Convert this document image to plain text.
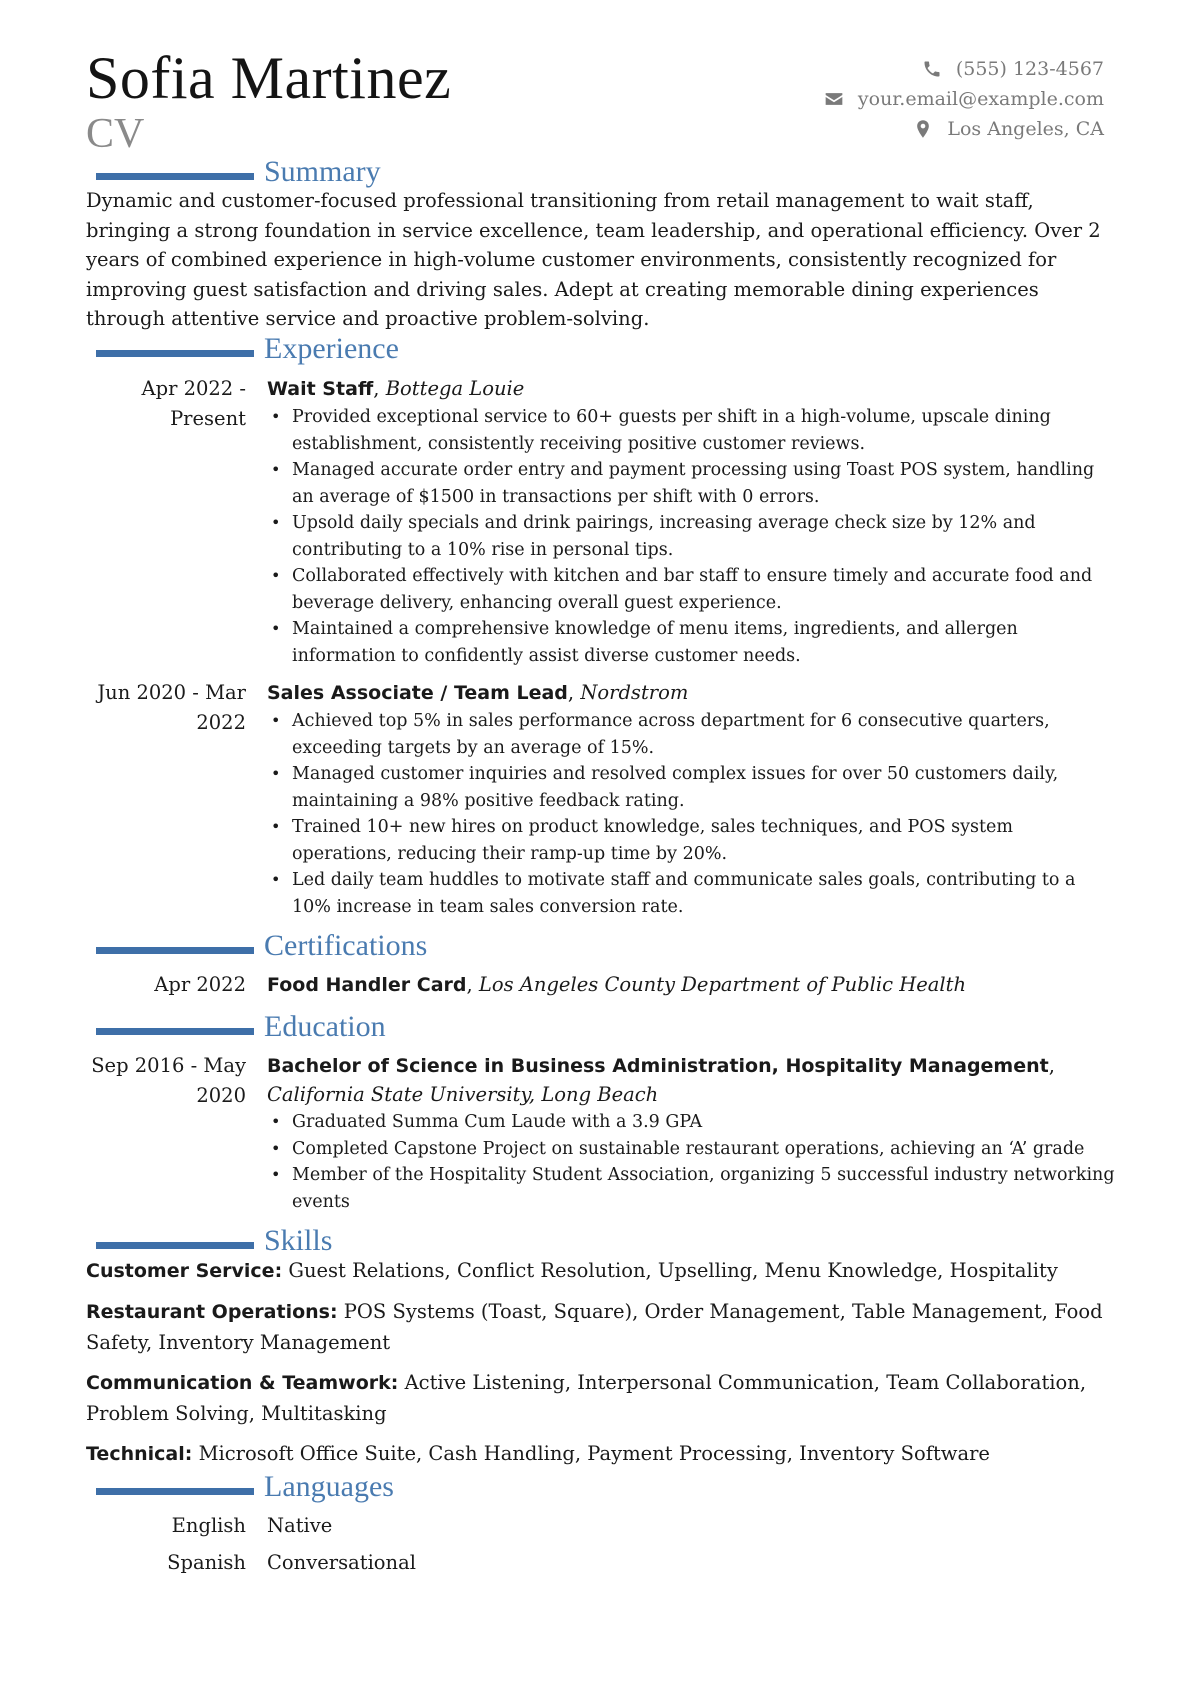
Sofia Martinez
CV
(555) 123-4567
your.email@example.com
Los Angeles, CA
Summary
Dynamic and customer-focused professional transitioning from retail management to wait staff, bringing a strong foundation in service excellence, team leadership, and operational efficiency. Over 2 years of combined experience in high-volume customer environments, consistently recognized for improving guest satisfaction and driving sales. Adept at creating memorable dining experiences through attentive service and proactive problem-solving.
Experience
Apr 2022 -
Present
Wait Staff, Bottega Louie
• Provided exceptional service to 60+ guests per shift in a high-volume, upscale dining establishment, consistently receiving positive customer reviews.
• Managed accurate order entry and payment processing using Toast POS system, handling an average of $1500 in transactions per shift with 0 errors.
• Upsold daily specials and drink pairings, increasing average check size by 12% and contributing to a 10% rise in personal tips.
• Collaborated effectively with kitchen and bar staff to ensure timely and accurate food and beverage delivery, enhancing overall guest experience.
• Maintained a comprehensive knowledge of menu items, ingredients, and allergen information to confidently assist diverse customer needs.
Jun 2020 - Mar
2022
Sales Associate / Team Lead, Nordstrom
• Achieved top 5% in sales performance across department for 6 consecutive quarters, exceeding targets by an average of 15%.
• Managed customer inquiries and resolved complex issues for over 50 customers daily, maintaining a 98% positive feedback rating.
• Trained 10+ new hires on product knowledge, sales techniques, and POS system operations, reducing their ramp-up time by 20%.
• Led daily team huddles to motivate staff and communicate sales goals, contributing to a 10% increase in team sales conversion rate.
Certifications
Apr 2022 Food Handler Card, Los Angeles County Department of Public Health
Education
Sep 2016 - May
2020
Bachelor of Science in Business Administration, Hospitality Management,
California State University, Long Beach
• Graduated Summa Cum Laude with a 3.9 GPA
• Completed Capstone Project on sustainable restaurant operations, achieving an ‘A’ grade
• Member of the Hospitality Student Association, organizing 5 successful industry networking events
Skills
Customer Service: Guest Relations, Conflict Resolution, Upselling, Menu Knowledge, Hospitality
Restaurant Operations: POS Systems (Toast, Square), Order Management, Table Management, Food Safety, Inventory Management
Communication & Teamwork: Active Listening, Interpersonal Communication, Team Collaboration, Problem Solving, Multitasking
Technical: Microsoft Office Suite, Cash Handling, Payment Processing, Inventory Software
Languages
English Native
Spanish Conversational
